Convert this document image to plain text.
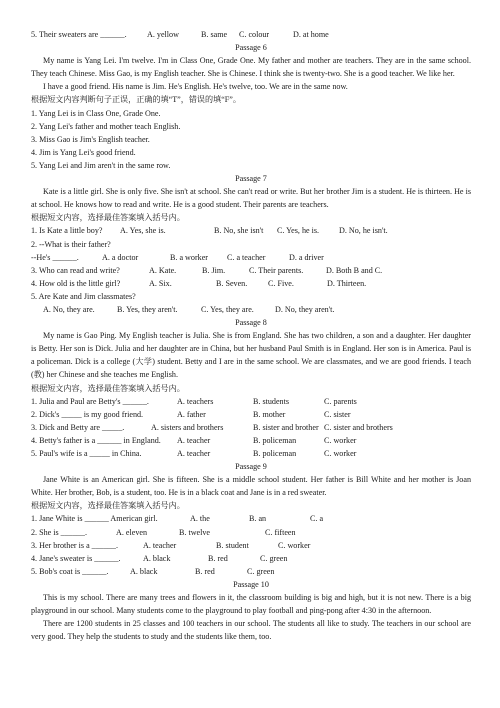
5. Their sweaters are ______.	A. yellow	B. same C. colour	D. at home
Passage 6
My name is Yang Lei. I'm twelve. I'm in Class One, Grade One. My father and mother are teachers. They are in the same school. They teach Chinese. Miss Gao, is my English teacher. She is Chinese. I think she is twenty-two. She is a good teacher. We like her.
I have a good friend. His name is Jim. He's English. He's twelve, too. We are in the same now.
根据短文内容判断句子正误，正确的填“T”，错误的填“F”。
1. Yang Lei is in Class One, Grade One.
2. Yang Lei's father and mother teach English.
3. Miss Gao is Jim's English teacher.
4. Jim is Yang Lei's good friend.
5. Yang Lei and Jim aren't in the same row.
Passage 7
Kate is a little girl. She is only five. She isn't at school. She can't read or write. But her brother Jim is a student. He is thirteen. He is at school. He knows how to read and write. He is a good student. Their parents are teachers.
根据短文内容，选择最佳答案填入括号内。
1. Is Kate a little boy? A. Yes, she is.	B. No, she isn't C. Yes, he is. D. No, he isn't.
2. --What is their father?
--He's ______.	A. a doctor	B. a worker C. a teacher	D. a driver
3. Who can read and write?	A. Kate.	B. Jim.	C. Their parents.	D. Both B and C.
4. How old is the little girl?	A. Six.	B. Seven.	C. Five.	D. Thirteen.
5. Are Kate and Jim classmates?
A. No, they are.	B. Yes, they aren't.	C. Yes, they are.	D. No, they aren't.
Passage 8
My name is Gao Ping. My English teacher is Julia. She is from England. She has two children, a son and a daughter. Her daughter is Betty. Her son is Dick. Julia and her daughter are in China, but her husband Paul Smith is in England. Her son is in America. Paul is a policeman. Dick is a college (大学) student. Betty and I are in the same school. We are classmates, and we are good friends. I teach (教) her Chinese and she teaches me English.
根据短文内容，选择最佳答案填入括号内。
1. Julia and Paul are Betty's ______.	A. teachers	B. students	C. parents
2. Dick's _____ is my good friend.	A. father	B. mother	C. sister
3. Dick and Betty are _____.	A. sisters and brothers	B. sister and brother C. sister and brothers
4. Betty's father is a ______ in England. A. teacher	B. policeman	C. worker
5. Paul's wife is a _____ in China.	A. teacher	B. policeman	C. worker
Passage 9
Jane White is an American girl. She is fifteen. She is a middle school student. Her father is Bill White and her mother is Joan White. Her brother, Bob, is a student, too. He is in a black coat and Jane is in a red sweater.
根据短文内容，选择最佳答案填入括号内。
1. Jane White is ______ American girl.	A. the	B. an	C. a
2. She is ______.	A. eleven	B. twelve	C. fifteen
3. Her brother is a ______.	A. teacher	B. student	C. worker
4. Jane's sweater is ______.	A. black	B. red	C. green
5. Bob's coat is ______.	A. black	B. red	C. green
Passage 10
This is my school. There are many trees and flowers in it, the classroom building is big and high, but it is not new. There is a big playground in our school. Many students come to the playground to play football and ping-pong after 4:30 in the afternoon.
There are 1200 students in 25 classes and 100 teachers in our school. The students all like to study. The teachers in our school are very good. They help the students to study and the students like them, too.
